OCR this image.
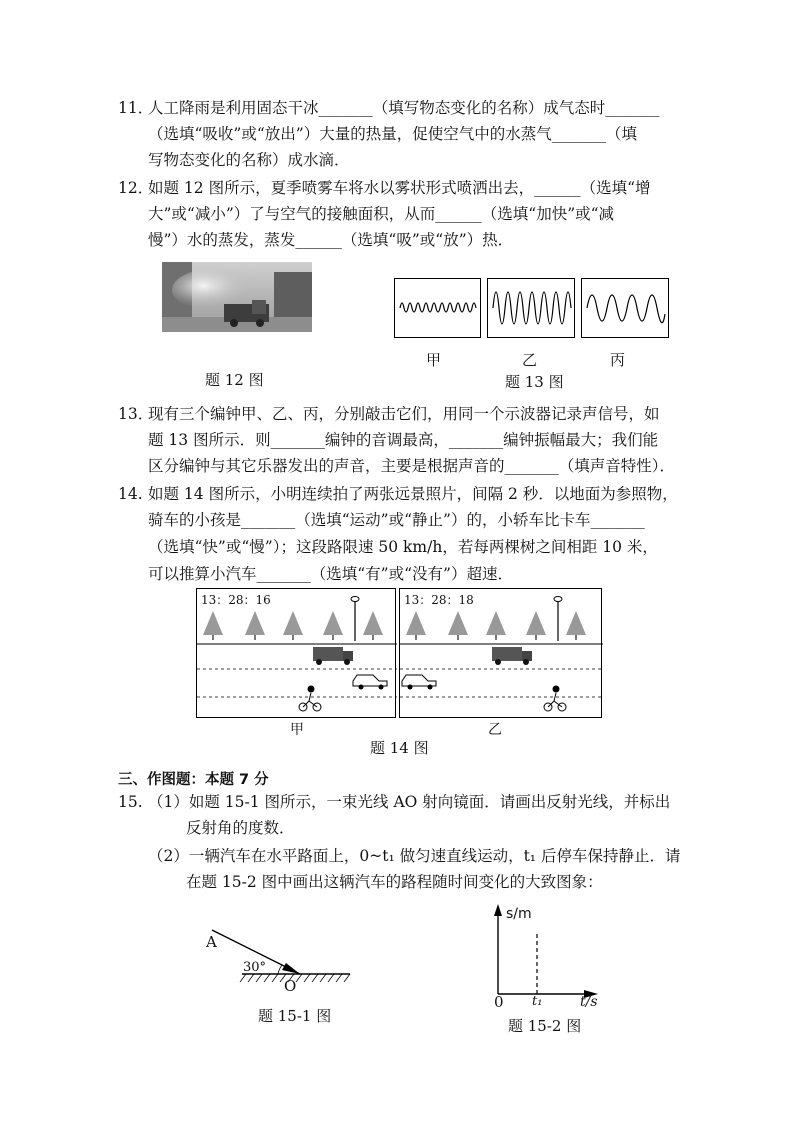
11．
人工降雨是利用固态干冰_______（填写物态变化的名称）成气态时_______
（选填“吸收”或“放出”）大量的热量，促使空气中的水蒸气_______（填
写物态变化的名称）成水滴．
12．
如题 12 图所示，夏季喷雾车将水以雾状形式喷洒出去，______（选填“增
大”或“减小”）了与空气的接触面积，从而______（选填“加快”或“减
慢”）水的蒸发，蒸发______（选填“吸”或“放”）热．
题 12 图
甲	乙	丙
题 13 图
13．
现有三个编钟甲、乙、丙，分别敲击它们，用同一个示波器记录声信号，如
题 13 图所示．则_______编钟的音调最高，_______编钟振幅最大；我们能
区分编钟与其它乐器发出的声音，主要是根据声音的_______（填声音特性）．
14. 如题 14 图所示，小明连续拍了两张远景照片，间隔 2 秒．以地面为参照物，
骑车的小孩是_______（选填“运动”或“静止”）的，小轿车比卡车_______
（选填“快”或“慢”）；这段路限速 50 km/h，若每两棵树之间相距 10 米，
可以推算小汽车_______（选填“有”或“没有”）超速．
13：28：16
甲
13：28：18
乙
题 14 图
三、作图题：本题 7 分
15. （1）如题 15-1 图所示，一束光线 AO 射向镜面．请画出反射光线，并标出
反射角的度数．
（2）一辆汽车在水平路面上，0~t₁ 做匀速直线运动，t₁ 后停车保持静止．请
在题 15-2 图中画出这辆汽车的路程随时间变化的大致图象：
A
30°
O
题 15-1 图
s/m
0 t₁	t/s
题 15-2 图
